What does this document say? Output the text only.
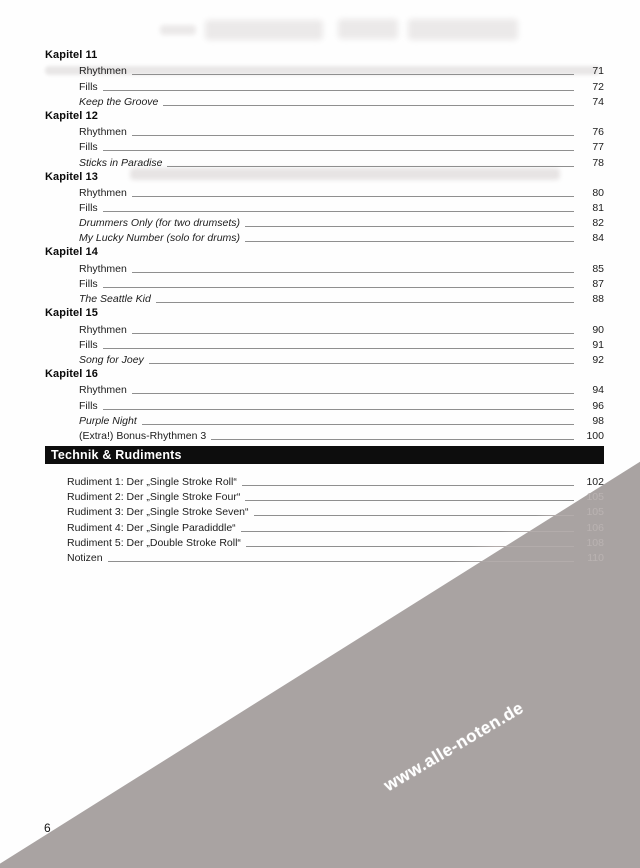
Kapitel 11
Rhythmen	71
Fills	72
Keep the Groove	74
Kapitel 12
Rhythmen	76
Fills	77
Sticks in Paradise	78
Kapitel 13
Rhythmen	80
Fills	81
Drummers Only (for two drumsets)	82
My Lucky Number (solo for drums)	84
Kapitel 14
Rhythmen	85
Fills	87
The Seattle Kid	88
Kapitel 15
Rhythmen	90
Fills	91
Song for Joey	92
Kapitel 16
Rhythmen	94
Fills	96
Purple Night	98
(Extra!) Bonus-Rhythmen 3	100
Technik & Rudiments
Rudiment 1: Der „Single Stroke Roll“	102
Rudiment 2: Der „Single Stroke Four“	105
Rudiment 3: Der „Single Stroke Seven“	105
Rudiment 4: Der „Single Paradiddle“	106
Rudiment 5: Der „Double Stroke Roll“	108
Notizen	110
www.alle-noten.de
6
